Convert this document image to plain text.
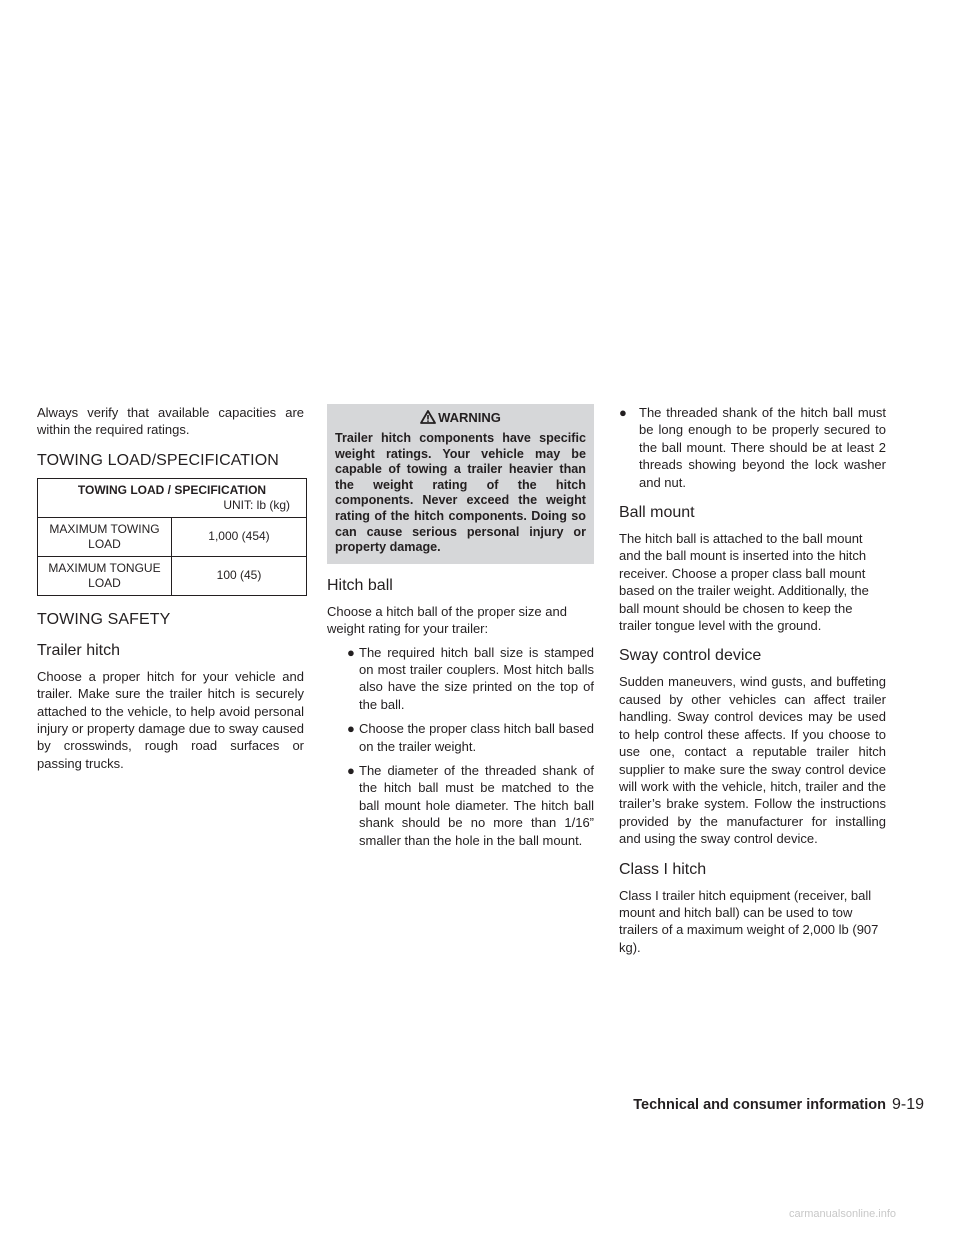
Always verify that available capacities are within the required ratings.

TOWING LOAD/SPECIFICATION
TOWING LOAD / SPECIFICATION	
UNIT: lb (kg)	
MAXIMUM TOWING LOAD	1,000 (454)
MAXIMUM TONGUE LOAD	100 (45)
TOWING SAFETY
Trailer hitch

Choose a proper hitch for your vehicle and trailer. Make sure the trailer hitch is securely attached to the vehicle, to help avoid personal injury or property damage due to sway caused by crosswinds, rough road surfaces or passing trucks.

WARNING
Trailer hitch components have specific weight ratings. Your vehicle may be capable of towing a trailer heavier than the weight rating of the hitch components. Never exceed the weight rating of the hitch components. Doing so can cause serious personal injury or property damage.
Hitch ball

Choose a hitch ball of the proper size and weight rating for your trailer:

● The required hitch ball size is stamped on most trailer couplers. Most hitch balls also have the size printed on the top of the ball.
● Choose the proper class hitch ball based on the trailer weight.
● The diameter of the threaded shank of the hitch ball must be matched to the ball mount hole diameter. The hitch ball shank should be no more than 1/16” smaller than the hole in the ball mount.
● The threaded shank of the hitch ball must be long enough to be properly secured to the ball mount. There should be at least 2 threads showing beyond the lock washer and nut.
Ball mount

The hitch ball is attached to the ball mount and the ball mount is inserted into the hitch receiver. Choose a proper class ball mount based on the trailer weight. Additionally, the ball mount should be chosen to keep the trailer tongue level with the ground.

Sway control device

Sudden maneuvers, wind gusts, and buffeting caused by other vehicles can affect trailer handling. Sway control devices may be used to help control these affects. If you choose to use one, contact a reputable trailer hitch supplier to make sure the sway control device will work with the vehicle, hitch, trailer and the trailer’s brake system. Follow the instructions provided by the manufacturer for installing and using the sway control device.

Class I hitch

Class I trailer hitch equipment (receiver, ball mount and hitch ball) can be used to tow trailers of a maximum weight of 2,000 lb (907 kg).

Technical and consumer information 9-19
carmanualsonline.info
